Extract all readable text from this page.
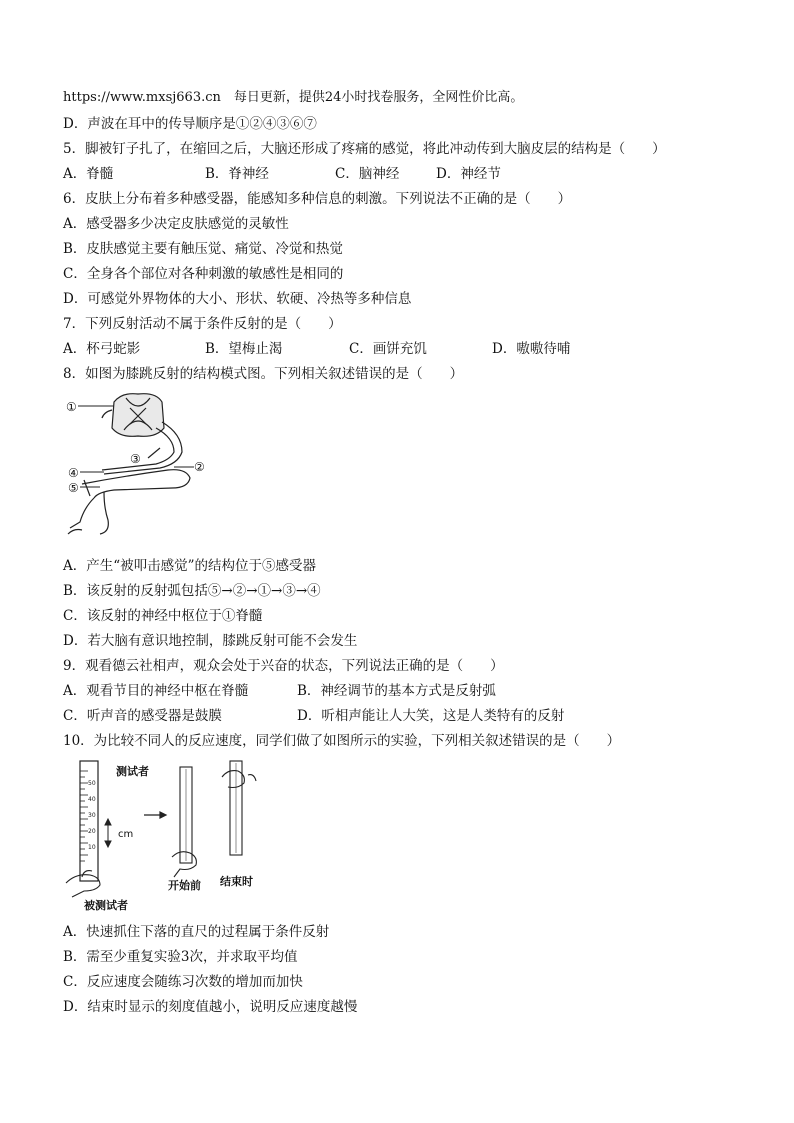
https://www.mxsj663.cn　每日更新，提供24小时找卷服务，全网性价比高。
D．声波在耳中的传导顺序是①②④③⑥⑦
5．脚被钉子扎了，在缩回之后，大脑还形成了疼痛的感觉，将此冲动传到大脑皮层的结构是（　　）
A．脊髓	B．脊神经	C．脑神经	D．神经节
6．皮肤上分布着多种感受器，能感知多种信息的刺激。下列说法不正确的是（　　）
A．感受器多少决定皮肤感觉的灵敏性
B．皮肤感觉主要有触压觉、痛觉、冷觉和热觉
C．全身各个部位对各种刺激的敏感性是相同的
D．可感觉外界物体的大小、形状、软硬、冷热等多种信息
7．下列反射活动不属于条件反射的是（　　）
A．杯弓蛇影	B．望梅止渴	C．画饼充饥	D．嗷嗷待哺
8．如图为膝跳反射的结构模式图。下列相关叙述错误的是（　　）
①
②
③
④
⑤
A．产生“被叩击感觉”的结构位于⑤感受器
B．该反射的反射弧包括⑤→②→①→③→④
C．该反射的神经中枢位于①脊髓
D．若大脑有意识地控制，膝跳反射可能不会发生
9．观看德云社相声，观众会处于兴奋的状态，下列说法正确的是（　　）
A．观看节目的神经中枢在脊髓	B．神经调节的基本方式是反射弧
C．听声音的感受器是鼓膜	D．听相声能让人大笑，这是人类特有的反射
10．为比较不同人的反应速度，同学们做了如图所示的实验，下列相关叙述错误的是（　　）
50
40
30
20
10
测试者
cm
开始前 结束时
被测试者
A．快速抓住下落的直尺的过程属于条件反射
B．需至少重复实验3次，并求取平均值
C．反应速度会随练习次数的增加而加快
D．结束时显示的刻度值越小，说明反应速度越慢
